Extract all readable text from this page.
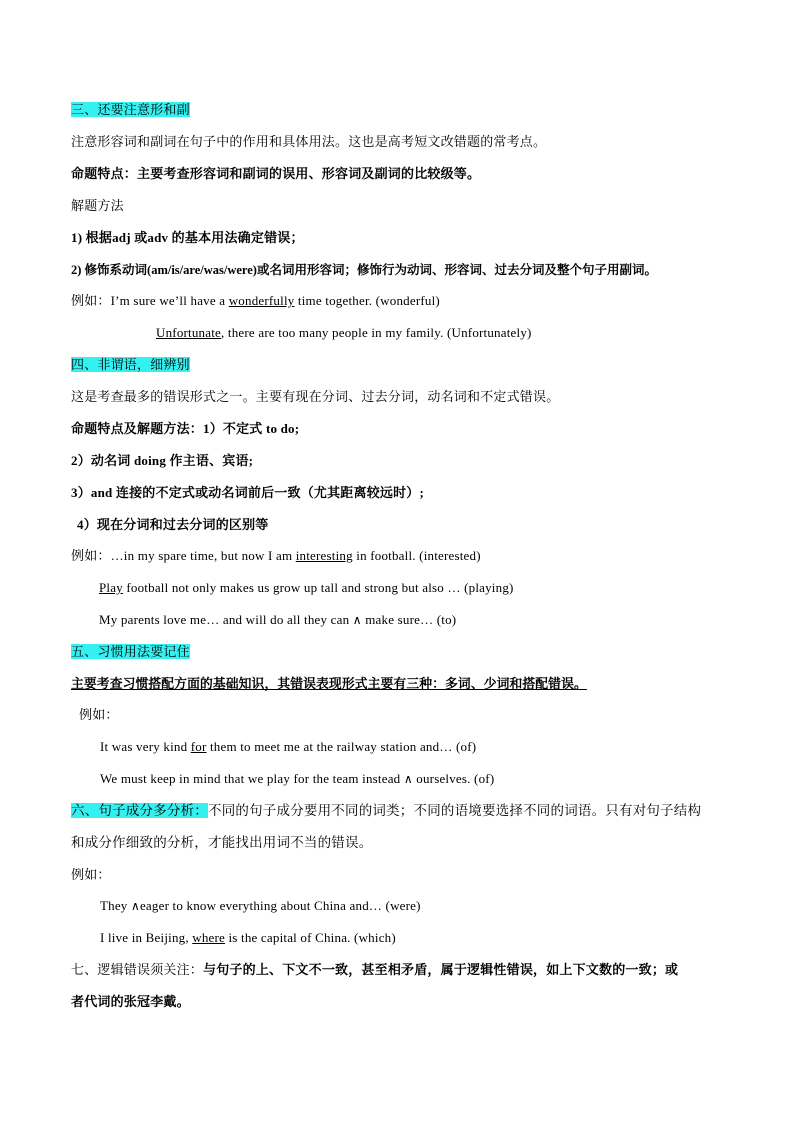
三、还要注意形和副
注意形容词和副词在句子中的作用和具体用法。这也是高考短文改错题的常考点。
命题特点：主要考查形容词和副词的误用、形容词及副词的比较级等。
解题方法
1) 根据adj 或adv 的基本用法确定错误；
2) 修饰系动词(am/is/are/was/were)或名词用形容词；修饰行为动词、形容词、过去分词及整个句子用副词。
例如：I’m sure we’ll have a wonderfully time together. (wonderful)
Unfortunate, there are too many people in my family. (Unfortunately)
四、非谓语，细辨别
这是考查最多的错误形式之一。主要有现在分词、过去分词，动名词和不定式错误。
命题特点及解题方法：1）不定式 to do;
2）动名词 doing 作主语、宾语;
3）and 连接的不定式或动名词前后一致（尤其距离较远时）;
4）现在分词和过去分词的区别等
例如：…in my spare time, but now I am interesting in football. (interested)
Play football not only makes us grow up tall and strong but also … (playing)
My parents love me… and will do all they can ∧ make sure… (to)
五、习惯用法要记住
主要考查习惯搭配方面的基础知识，其错误表现形式主要有三种：多词、少词和搭配错误。
例如：
It was very kind for them to meet me at the railway station and… (of)
We must keep in mind that we play for the team instead ∧ ourselves. (of)
六、句子成分多分析：不同的句子成分要用不同的词类；不同的语境要选择不同的词语。只有对句子结构
和成分作细致的分析，才能找出用词不当的错误。
例如：
They ∧eager to know everything about China and… (were)
I live in Beijing, where is the capital of China. (which)
七、逻辑错误须关注：与句子的上、下文不一致，甚至相矛盾，属于逻辑性错误，如上下文数的一致；或
者代词的张冠李戴。
